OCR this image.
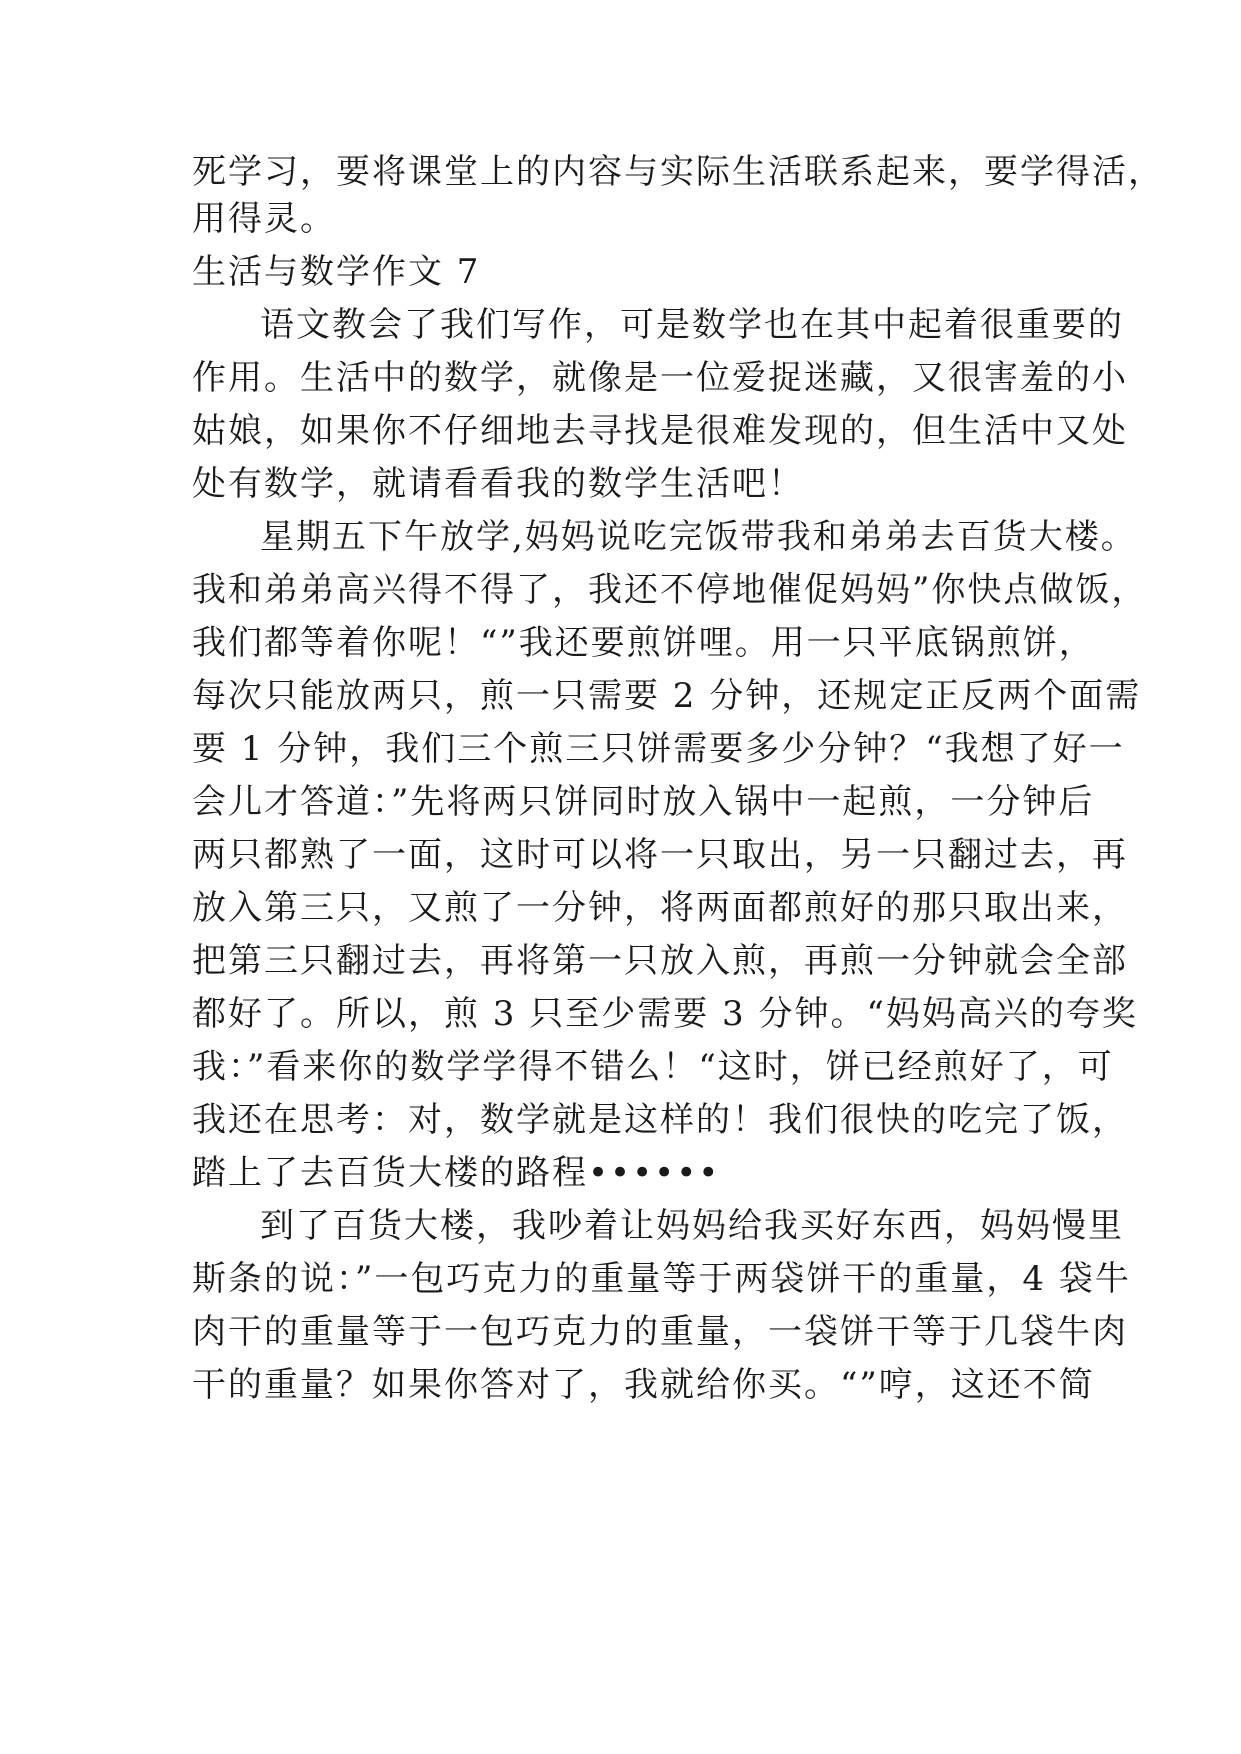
死学习，要将课堂上的内容与实际生活联系起来，要学得活，
用得灵。
生活与数学作文 7
语文教会了我们写作，可是数学也在其中起着很重要的
作用。生活中的数学，就像是一位爱捉迷藏，又很害羞的小
姑娘，如果你不仔细地去寻找是很难发现的，但生活中又处
处有数学，就请看看我的数学生活吧！
星期五下午放学,妈妈说吃完饭带我和弟弟去百货大楼。
我和弟弟高兴得不得了，我还不停地催促妈妈”你快点做饭，
我们都等着你呢！“”我还要煎饼哩。用一只平底锅煎饼，
每次只能放两只，煎一只需要 2 分钟，还规定正反两个面需
要 1 分钟，我们三个煎三只饼需要多少分钟？“我想了好一
会儿才答道：”先将两只饼同时放入锅中一起煎，一分钟后
两只都熟了一面，这时可以将一只取出，另一只翻过去，再
放入第三只，又煎了一分钟，将两面都煎好的那只取出来，
把第三只翻过去，再将第一只放入煎，再煎一分钟就会全部
都好了。所以，煎 3 只至少需要 3 分钟。“妈妈高兴的夸奖
我：”看来你的数学学得不错么！“这时，饼已经煎好了，可
我还在思考：对，数学就是这样的！我们很快的吃完了饭，
踏上了去百货大楼的路程••••••
到了百货大楼，我吵着让妈妈给我买好东西，妈妈慢里
斯条的说：”一包巧克力的重量等于两袋饼干的重量，4 袋牛
肉干的重量等于一包巧克力的重量，一袋饼干等于几袋牛肉
干的重量？如果你答对了，我就给你买。“”哼，这还不简
